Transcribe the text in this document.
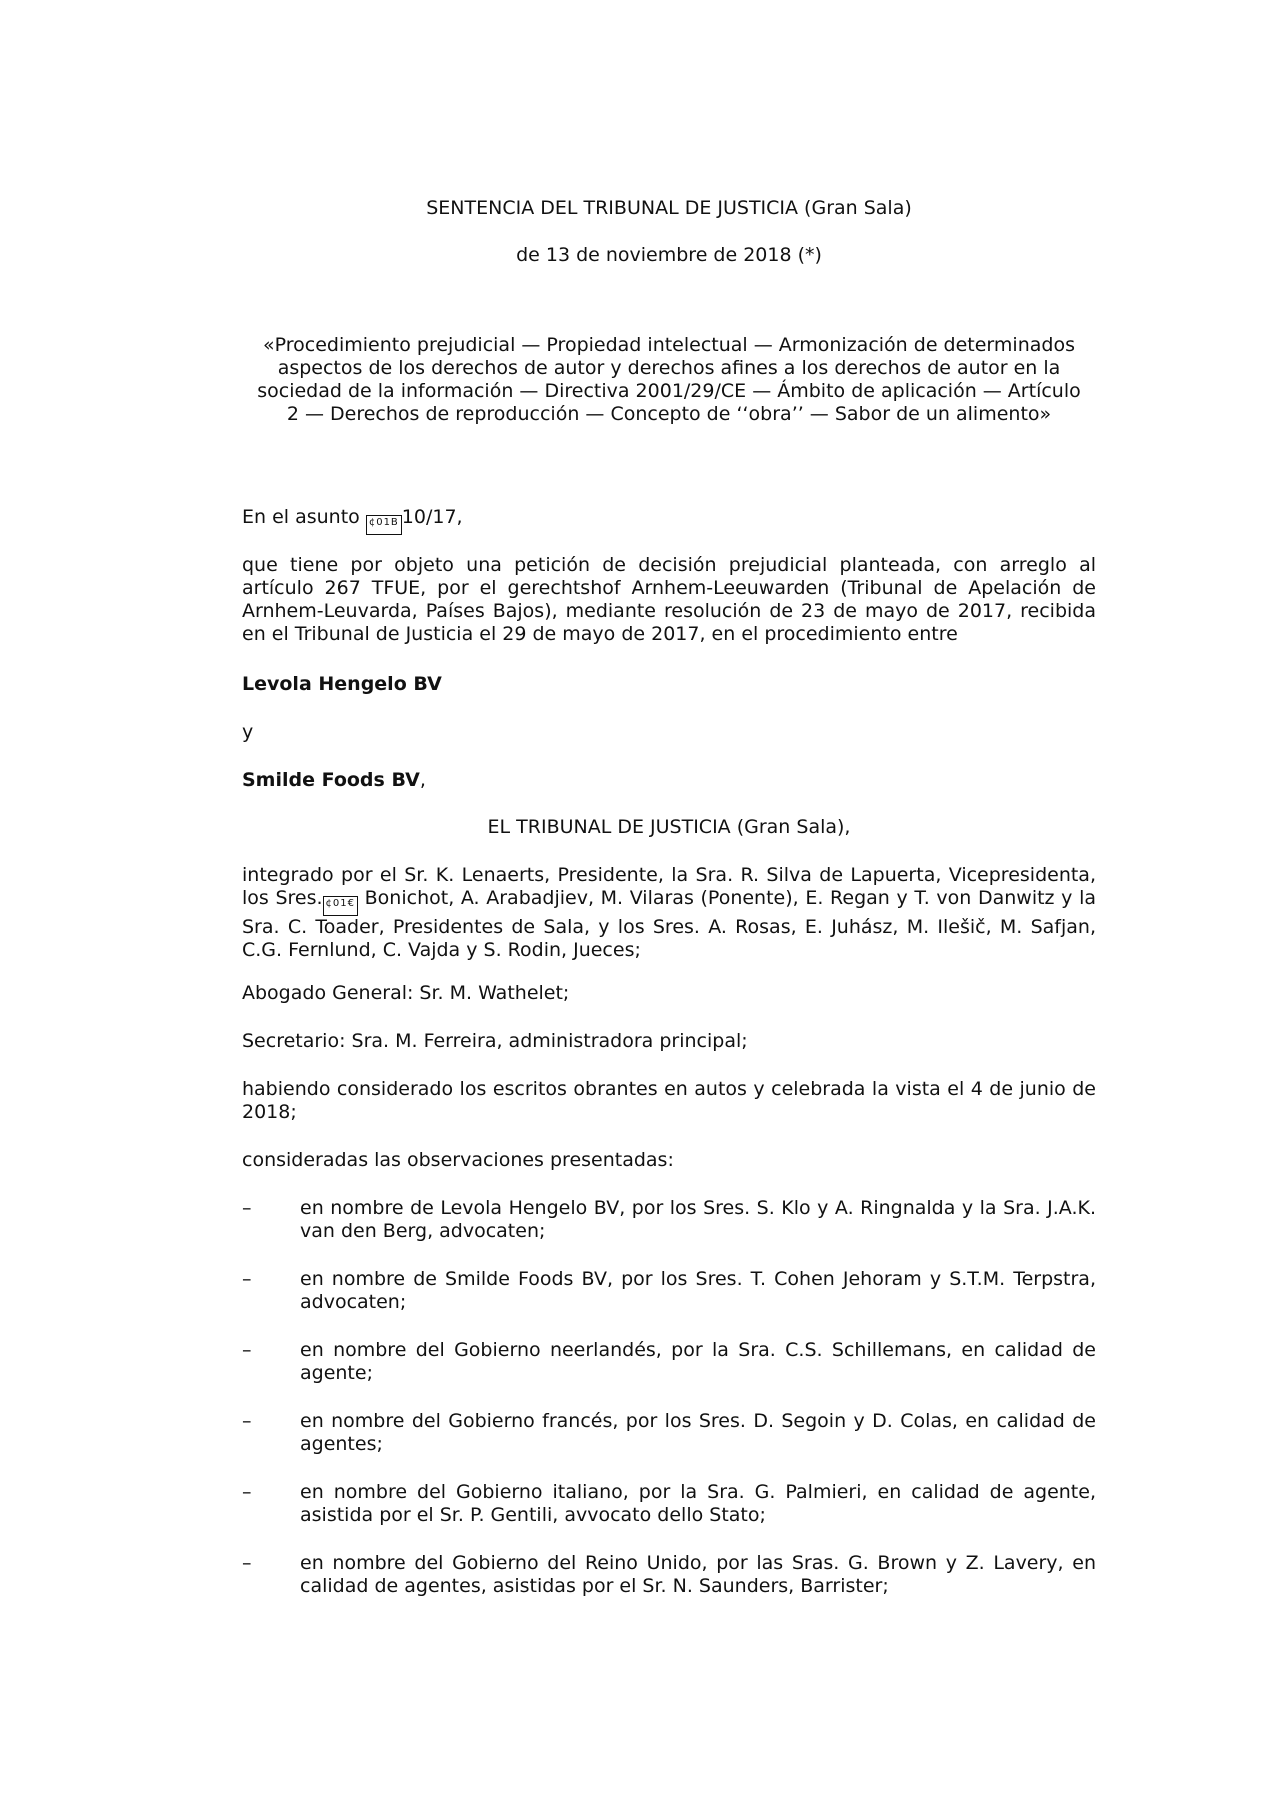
SENTENCIA DEL TRIBUNAL DE JUSTICIA (Gran Sala)

de 13 de noviembre de 2018 (*)

«Procedimiento prejudicial — Propiedad intelectual — Armonización de determinados aspectos de los derechos de autor y derechos afines a los derechos de autor en la sociedad de la información — Directiva 2001/29/CE — Ámbito de aplicación — Artículo 2 — Derechos de reproducción — Concepto de ‘‘obra’’ — Sabor de un alimento»

En el asunto ¢01B 10/17,

que tiene por objeto una petición de decisión prejudicial planteada, con arreglo al artículo 267 TFUE, por el gerechtshof Arnhem-Leeuwarden (Tribunal de Apelación de Arnhem-Leuvarda, Países Bajos), mediante resolución de 23 de mayo de 2017, recibida en el Tribunal de Justicia el 29 de mayo de 2017, en el procedimiento entre

Levola Hengelo BV

y

Smilde Foods BV,

EL TRIBUNAL DE JUSTICIA (Gran Sala),

integrado por el Sr. K. Lenaerts, Presidente, la Sra. R. Silva de Lapuerta, Vicepresidenta, los Sres. ¢01€ Bonichot, A. Arabadjiev, M. Vilaras (Ponente), E. Regan y T. von Danwitz y la Sra. C. Toader, Presidentes de Sala, y los Sres. A. Rosas, E. Juhász, M. Ilešič, M. Safjan, C.G. Fernlund, C. Vajda y S. Rodin, Jueces;

Abogado General: Sr. M. Wathelet;

Secretario: Sra. M. Ferreira, administradora principal;

habiendo considerado los escritos obrantes en autos y celebrada la vista el 4 de junio de 2018;

consideradas las observaciones presentadas:

–	en nombre de Levola Hengelo BV, por los Sres. S. Klo y A. Ringnalda y la Sra. J.A.K. van den Berg, advocaten;
–	en nombre de Smilde Foods BV, por los Sres. T. Cohen Jehoram y S.T.M. Terpstra, advocaten;
–	en nombre del Gobierno neerlandés, por la Sra. C.S. Schillemans, en calidad de agente;
–	en nombre del Gobierno francés, por los Sres. D. Segoin y D. Colas, en calidad de agentes;
–	en nombre del Gobierno italiano, por la Sra. G. Palmieri, en calidad de agente, asistida por el Sr. P. Gentili, avvocato dello Stato;
–	en nombre del Gobierno del Reino Unido, por las Sras. G. Brown y Z. Lavery, en calidad de agentes, asistidas por el Sr. N. Saunders, Barrister;
